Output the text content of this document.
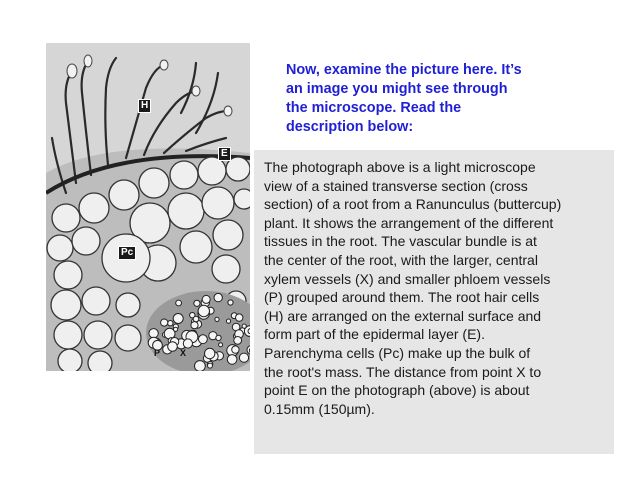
H
E
Pc
P X
Now, examine the picture here. It’s
an image you might see through
the microscope. Read the
description below:
The photograph above is a light microscope
view of a stained transverse section (cross
section) of a root from a Ranunculus (buttercup)
plant. It shows the arrangement of the different
tissues in the root. The vascular bundle is at
the center of the root, with the larger, central
xylem vessels (X) and smaller phloem vessels
(P) grouped around them. The root hair cells
(H) are arranged on the external surface and
form part of the epidermal layer (E).
Parenchyma cells (Pc) make up the bulk of
the root's mass. The distance from point X to
point E on the photograph (above) is about
0.15mm (150µm).
